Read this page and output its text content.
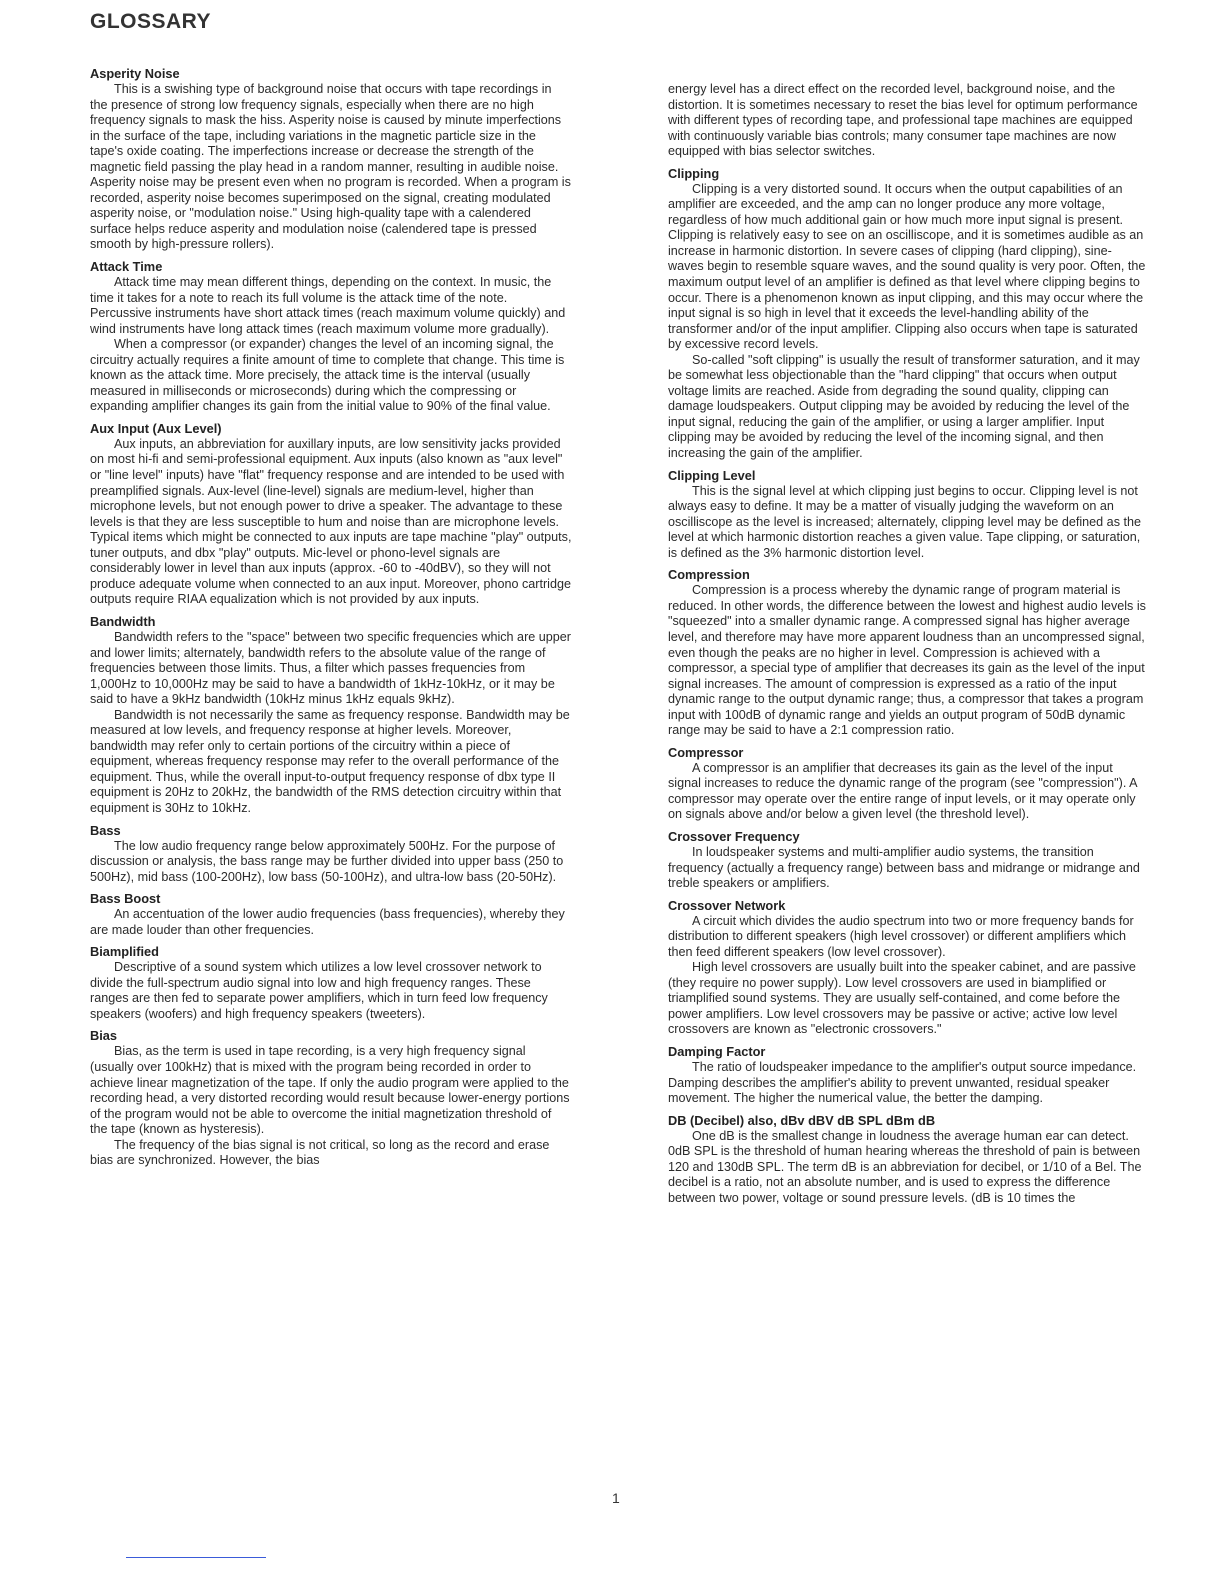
GLOSSARY
Asperity Noise

This is a swishing type of background noise that occurs with tape recordings in the presence of strong low frequency signals, especially when there are no high frequency signals to mask the hiss. Asperity noise is caused by minute imperfections in the surface of the tape, including variations in the magnetic particle size in the tape's oxide coating. The imperfections increase or decrease the strength of the magnetic field passing the play head in a random manner, resulting in audible noise. Asperity noise may be present even when no program is recorded. When a program is recorded, asperity noise becomes superimposed on the signal, creating modulated asperity noise, or "modulation noise." Using high-quality tape with a calendered surface helps reduce asperity and modulation noise (calendered tape is pressed smooth by high-pressure rollers).

Attack Time

Attack time may mean different things, depending on the context. In music, the time it takes for a note to reach its full volume is the attack time of the note. Percussive instruments have short attack times (reach maximum volume quickly) and wind instruments have long attack times (reach maximum volume more gradually).

When a compressor (or expander) changes the level of an incoming signal, the circuitry actually requires a finite amount of time to complete that change. This time is known as the attack time. More precisely, the attack time is the interval (usually measured in milliseconds or microseconds) during which the compressing or expanding amplifier changes its gain from the initial value to 90% of the final value.

Aux Input (Aux Level)

Aux inputs, an abbreviation for auxillary inputs, are low sensitivity jacks provided on most hi-fi and semi-professional equipment. Aux inputs (also known as "aux level" or "line level" inputs) have "flat" frequency response and are intended to be used with preamplified signals. Aux-level (line-level) signals are medium-level, higher than microphone levels, but not enough power to drive a speaker. The advantage to these levels is that they are less susceptible to hum and noise than are microphone levels. Typical items which might be connected to aux inputs are tape machine "play" outputs, tuner outputs, and dbx "play" outputs. Mic-level or phono-level signals are considerably lower in level than aux inputs (approx. -60 to -40dBV), so they will not produce adequate volume when connected to an aux input. Moreover, phono cartridge outputs require RIAA equalization which is not provided by aux inputs.

Bandwidth

Bandwidth refers to the "space" between two specific frequencies which are upper and lower limits; alternately, bandwidth refers to the absolute value of the range of frequencies between those limits. Thus, a filter which passes frequencies from 1,000Hz to 10,000Hz may be said to have a bandwidth of 1kHz-10kHz, or it may be said to have a 9kHz bandwidth (10kHz minus 1kHz equals 9kHz).

Bandwidth is not necessarily the same as frequency response. Bandwidth may be measured at low levels, and frequency response at higher levels. Moreover, bandwidth may refer only to certain portions of the circuitry within a piece of equipment, whereas frequency response may refer to the overall performance of the equipment. Thus, while the overall input-to-output frequency response of dbx type II equipment is 20Hz to 20kHz, the bandwidth of the RMS detection circuitry within that equipment is 30Hz to 10kHz.

Bass

The low audio frequency range below approximately 500Hz. For the purpose of discussion or analysis, the bass range may be further divided into upper bass (250 to 500Hz), mid bass (100-200Hz), low bass (50-100Hz), and ultra-low bass (20-50Hz).

Bass Boost

An accentuation of the lower audio frequencies (bass frequencies), whereby they are made louder than other frequencies.

Biamplified

Descriptive of a sound system which utilizes a low level crossover network to divide the full-spectrum audio signal into low and high frequency ranges. These ranges are then fed to separate power amplifiers, which in turn feed low frequency speakers (woofers) and high frequency speakers (tweeters).

Bias

Bias, as the term is used in tape recording, is a very high frequency signal (usually over 100kHz) that is mixed with the program being recorded in order to achieve linear magnetization of the tape. If only the audio program were applied to the recording head, a very distorted recording would result because lower-energy portions of the program would not be able to overcome the initial magnetization threshold of the tape (known as hysteresis).

The frequency of the bias signal is not critical, so long as the record and erase bias are synchronized. However, the bias

energy level has a direct effect on the recorded level, background noise, and the distortion. It is sometimes necessary to reset the bias level for optimum performance with different types of recording tape, and professional tape machines are equipped with continuously variable bias controls; many consumer tape machines are now equipped with bias selector switches.

Clipping

Clipping is a very distorted sound. It occurs when the output capabilities of an amplifier are exceeded, and the amp can no longer produce any more voltage, regardless of how much additional gain or how much more input signal is present. Clipping is relatively easy to see on an oscilliscope, and it is sometimes audible as an increase in harmonic distortion. In severe cases of clipping (hard clipping), sine-waves begin to resemble square waves, and the sound quality is very poor. Often, the maximum output level of an amplifier is defined as that level where clipping begins to occur. There is a phenomenon known as input clipping, and this may occur where the input signal is so high in level that it exceeds the level-handling ability of the transformer and/or of the input amplifier. Clipping also occurs when tape is saturated by excessive record levels.

So-called "soft clipping" is usually the result of transformer saturation, and it may be somewhat less objectionable than the "hard clipping" that occurs when output voltage limits are reached. Aside from degrading the sound quality, clipping can damage loudspeakers. Output clipping may be avoided by reducing the level of the input signal, reducing the gain of the amplifier, or using a larger amplifier. Input clipping may be avoided by reducing the level of the incoming signal, and then increasing the gain of the amplifier.

Clipping Level

This is the signal level at which clipping just begins to occur. Clipping level is not always easy to define. It may be a matter of visually judging the waveform on an oscilliscope as the level is increased; alternately, clipping level may be defined as the level at which harmonic distortion reaches a given value. Tape clipping, or saturation, is defined as the 3% harmonic distortion level.

Compression

Compression is a process whereby the dynamic range of program material is reduced. In other words, the difference between the lowest and highest audio levels is "squeezed" into a smaller dynamic range. A compressed signal has higher average level, and therefore may have more apparent loudness than an uncompressed signal, even though the peaks are no higher in level. Compression is achieved with a compressor, a special type of amplifier that decreases its gain as the level of the input signal increases. The amount of compression is expressed as a ratio of the input dynamic range to the output dynamic range; thus, a compressor that takes a program input with 100dB of dynamic range and yields an output program of 50dB dynamic range may be said to have a 2:1 compression ratio.

Compressor

A compressor is an amplifier that decreases its gain as the level of the input signal increases to reduce the dynamic range of the program (see "compression"). A compressor may operate over the entire range of input levels, or it may operate only on signals above and/or below a given level (the threshold level).

Crossover Frequency

In loudspeaker systems and multi-amplifier audio systems, the transition frequency (actually a frequency range) between bass and midrange or midrange and treble speakers or amplifiers.

Crossover Network

A circuit which divides the audio spectrum into two or more frequency bands for distribution to different speakers (high level crossover) or different amplifiers which then feed different speakers (low level crossover).

High level crossovers are usually built into the speaker cabinet, and are passive (they require no power supply). Low level crossovers are used in biamplified or triamplified sound systems. They are usually self-contained, and come before the power amplifiers. Low level crossovers may be passive or active; active low level crossovers are known as "electronic crossovers."

Damping Factor

The ratio of loudspeaker impedance to the amplifier's output source impedance. Damping describes the amplifier's ability to prevent unwanted, residual speaker movement. The higher the numerical value, the better the damping.

DB (Decibel) also, dBv dBV dB SPL dBm dB

One dB is the smallest change in loudness the average human ear can detect. 0dB SPL is the threshold of human hearing whereas the threshold of pain is between 120 and 130dB SPL. The term dB is an abbreviation for decibel, or 1/10 of a Bel. The decibel is a ratio, not an absolute number, and is used to express the difference between two power, voltage or sound pressure levels. (dB is 10 times the

1
